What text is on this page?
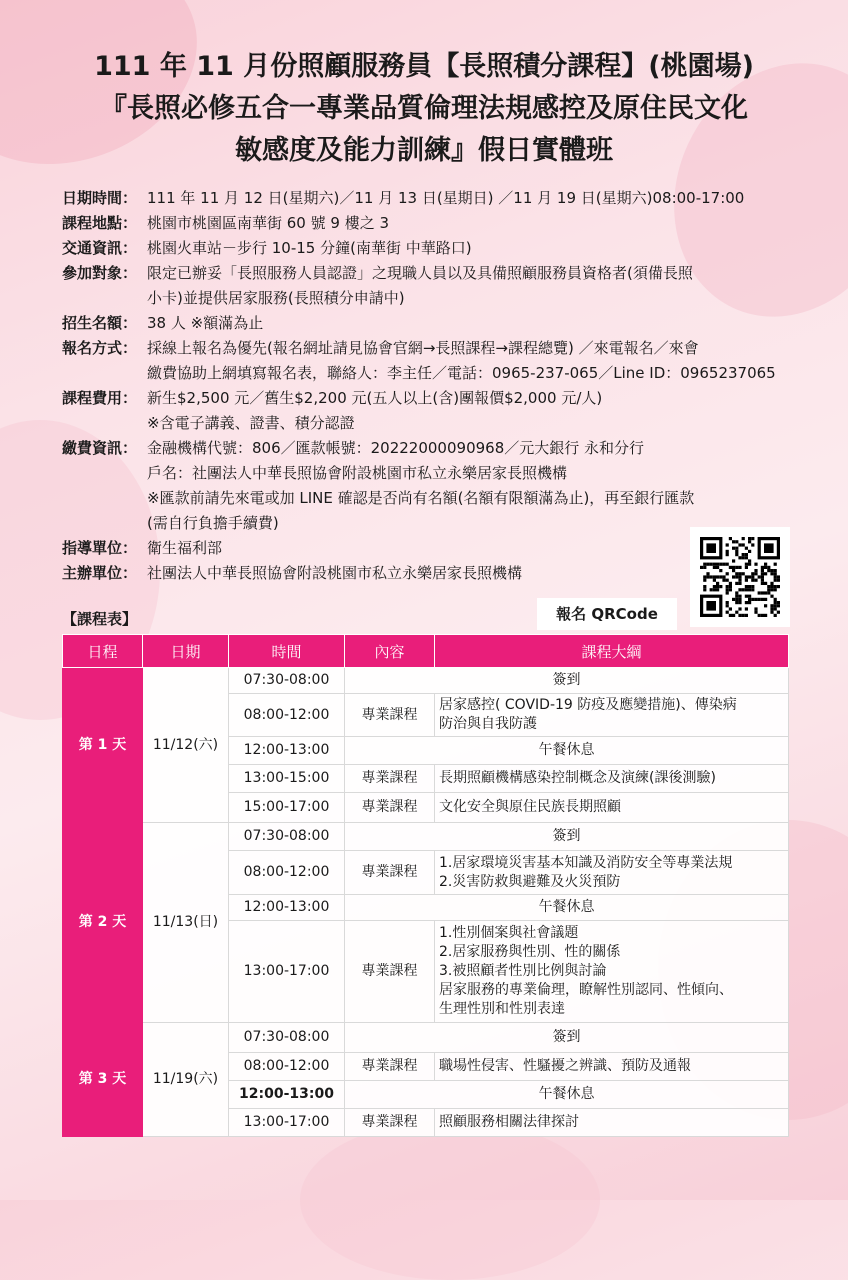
111 年 11 月份照顧服務員【長照積分課程】(桃園場)
『長照必修五合一專業品質倫理法規感控及原住民文化
敏感度及能力訓練』假日實體班
日期時間： 111 年 11 月 12 日(星期六)／11 月 13 日(星期日) ／11 月 19 日(星期六)08:00-17:00
課程地點： 桃園市桃園區南華街 60 號 9 樓之 3
交通資訊： 桃園火車站－步行 10-15 分鐘(南華街 中華路口)
參加對象： 限定已辦妥「長照服務人員認證」之現職人員以及具備照顧服務員資格者(須備長照
小卡)並提供居家服務(長照積分申請中)
招生名額： 38 人 ※額滿為止
報名方式： 採線上報名為優先(報名網址請見協會官網→長照課程→課程總覽) ／來電報名／來會
繳費協助上網填寫報名表，聯絡人：李主任／電話：0965-237-065／Line ID：0965237065
課程費用： 新生$2,500 元／舊生$2,200 元(五人以上(含)團報價$2,000 元/人)
※含電子講義、證書、積分認證
繳費資訊： 金融機構代號：806／匯款帳號：20222000090968／元大銀行 永和分行
戶名：社團法人中華長照協會附設桃園市私立永樂居家長照機構
※匯款前請先來電或加 LINE 確認是否尚有名額(名額有限額滿為止)，再至銀行匯款
(需自行負擔手續費)
指導單位： 衛生福利部
主辦單位： 社團法人中華長照協會附設桃園市私立永樂居家長照機構
報名 QRCode
【課程表】
日程	日期	時間	內容	課程大綱
第 1 天	11/12(六)	07:30-08:00	簽到	
		08:00-12:00	專業課程	居家感控( COVID-19 防疫及應變措施)、傳染病
防治與自我防護

		12:00-13:00	午餐休息	
		13:00-15:00	專業課程	長期照顧機構感染控制概念及演練(課後測驗)

		15:00-17:00	專業課程	文化安全與原住民族長期照顧

第 2 天	11/13(日)	07:30-08:00	簽到	
		08:00-12:00	專業課程	1.居家環境災害基本知識及消防安全等專業法規
2.災害防救與避難及火災預防

		12:00-13:00	午餐休息	
		13:00-17:00	專業課程	1.性別個案與社會議題
2.居家服務與性別、性的關係
3.被照顧者性別比例與討論
居家服務的專業倫理，瞭解性別認同、性傾向、
生理性別和性別表達

第 3 天	11/19(六)	07:30-08:00	簽到	
		08:00-12:00	專業課程	職場性侵害、性騷擾之辨識、預防及通報

		12:00-13:00	午餐休息	
		13:00-17:00	專業課程	照顧服務相關法律探討
